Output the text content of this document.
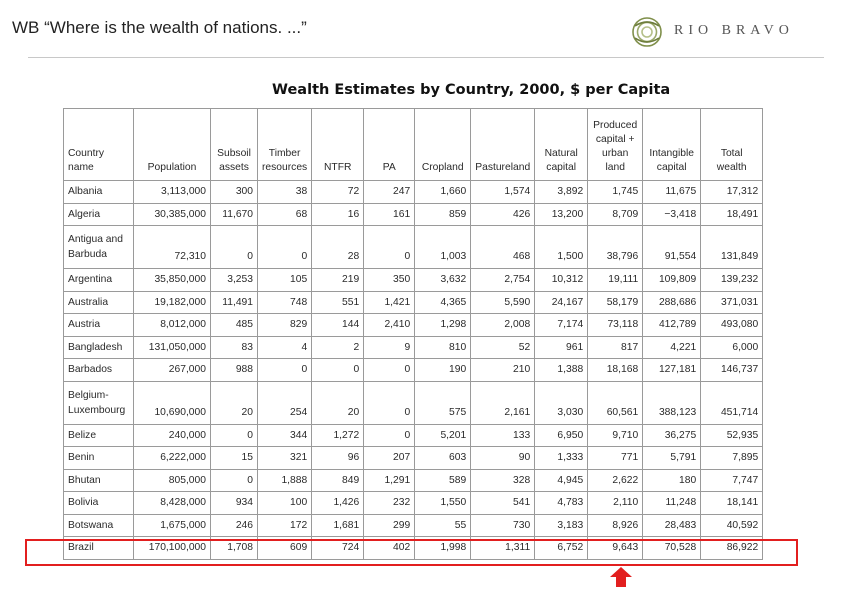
WB “Where is the wealth of nations. ...”	RIO BRAVO
Wealth Estimates by Country, 2000, $ per Capita
Country name	Population	Subsoil assets	Timber resources	NTFR	PA	Cropland	Pastureland	Natural capital	Produced capital + urban land	Intangible capital	Total wealth
Albania	3,113,000	300	38	72	247	1,660	1,574	3,892	1,745	11,675	17,312
Algeria	30,385,000	11,670	68	16	161	859	426	13,200	8,709	−3,418	18,491
Antigua and Barbuda	72,310	0	0	28	0	1,003	468	1,500	38,796	91,554	131,849
Argentina	35,850,000	3,253	105	219	350	3,632	2,754	10,312	19,111	109,809	139,232
Australia	19,182,000	11,491	748	551	1,421	4,365	5,590	24,167	58,179	288,686	371,031
Austria	8,012,000	485	829	144	2,410	1,298	2,008	7,174	73,118	412,789	493,080
Bangladesh	131,050,000	83	4	2	9	810	52	961	817	4,221	6,000
Barbados	267,000	988	0	0	0	190	210	1,388	18,168	127,181	146,737
Belgium-Luxembourg	10,690,000	20	254	20	0	575	2,161	3,030	60,561	388,123	451,714
Belize	240,000	0	344	1,272	0	5,201	133	6,950	9,710	36,275	52,935
Benin	6,222,000	15	321	96	207	603	90	1,333	771	5,791	7,895
Bhutan	805,000	0	1,888	849	1,291	589	328	4,945	2,622	180	7,747
Bolivia	8,428,000	934	100	1,426	232	1,550	541	4,783	2,110	11,248	18,141
Botswana	1,675,000	246	172	1,681	299	55	730	3,183	8,926	28,483	40,592
Brazil	170,100,000	1,708	609	724	402	1,998	1,311	6,752	9,643	70,528	86,922
